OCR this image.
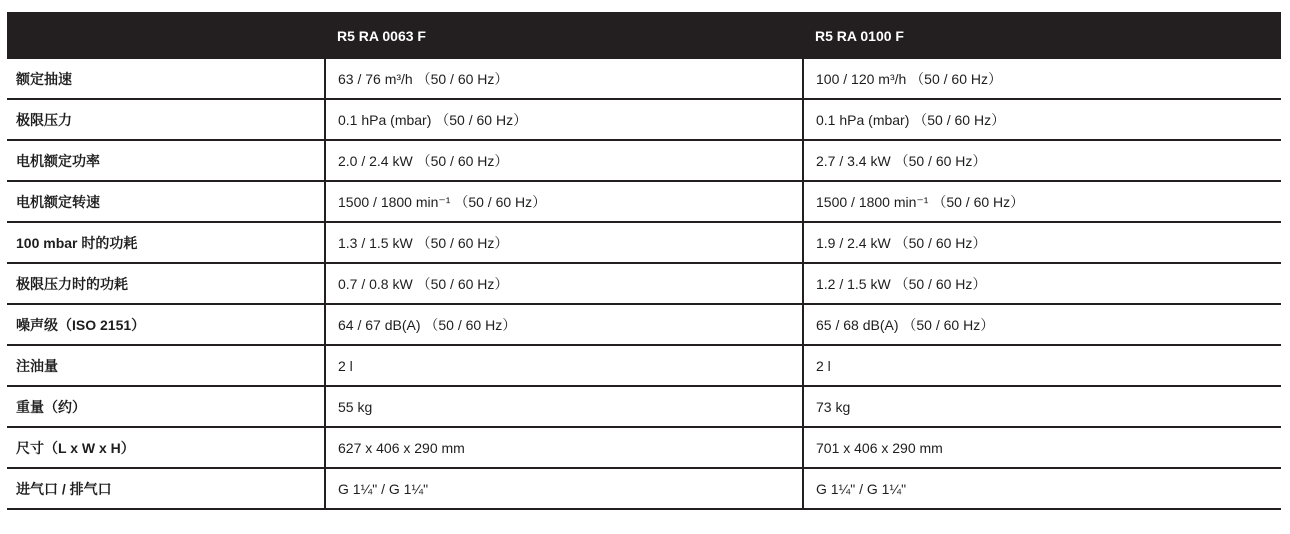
	R5 RA 0063 F	R5 RA 0100 F
额定抽速	63 / 76 m³/h （50 / 60 Hz）	100 / 120 m³/h （50 / 60 Hz）
极限压力	0.1 hPa (mbar) （50 / 60 Hz）	0.1 hPa (mbar) （50 / 60 Hz）
电机额定功率	2.0 / 2.4 kW （50 / 60 Hz）	2.7 / 3.4 kW （50 / 60 Hz）
电机额定转速	1500 / 1800 min⁻¹ （50 / 60 Hz）	1500 / 1800 min⁻¹ （50 / 60 Hz）
100 mbar 时的功耗	1.3 / 1.5 kW （50 / 60 Hz）	1.9 / 2.4 kW （50 / 60 Hz）
极限压力时的功耗	0.7 / 0.8 kW （50 / 60 Hz）	1.2 / 1.5 kW （50 / 60 Hz）
噪声级（ISO 2151）	64 / 67 dB(A) （50 / 60 Hz）	65 / 68 dB(A) （50 / 60 Hz）
注油量	2 l	2 l
重量（约）	55 kg	73 kg
尺寸（L x W x H）	627 x 406 x 290 mm	701 x 406 x 290 mm
进气口 / 排气口	G 1¼" / G 1¼"	G 1¼" / G 1¼"
